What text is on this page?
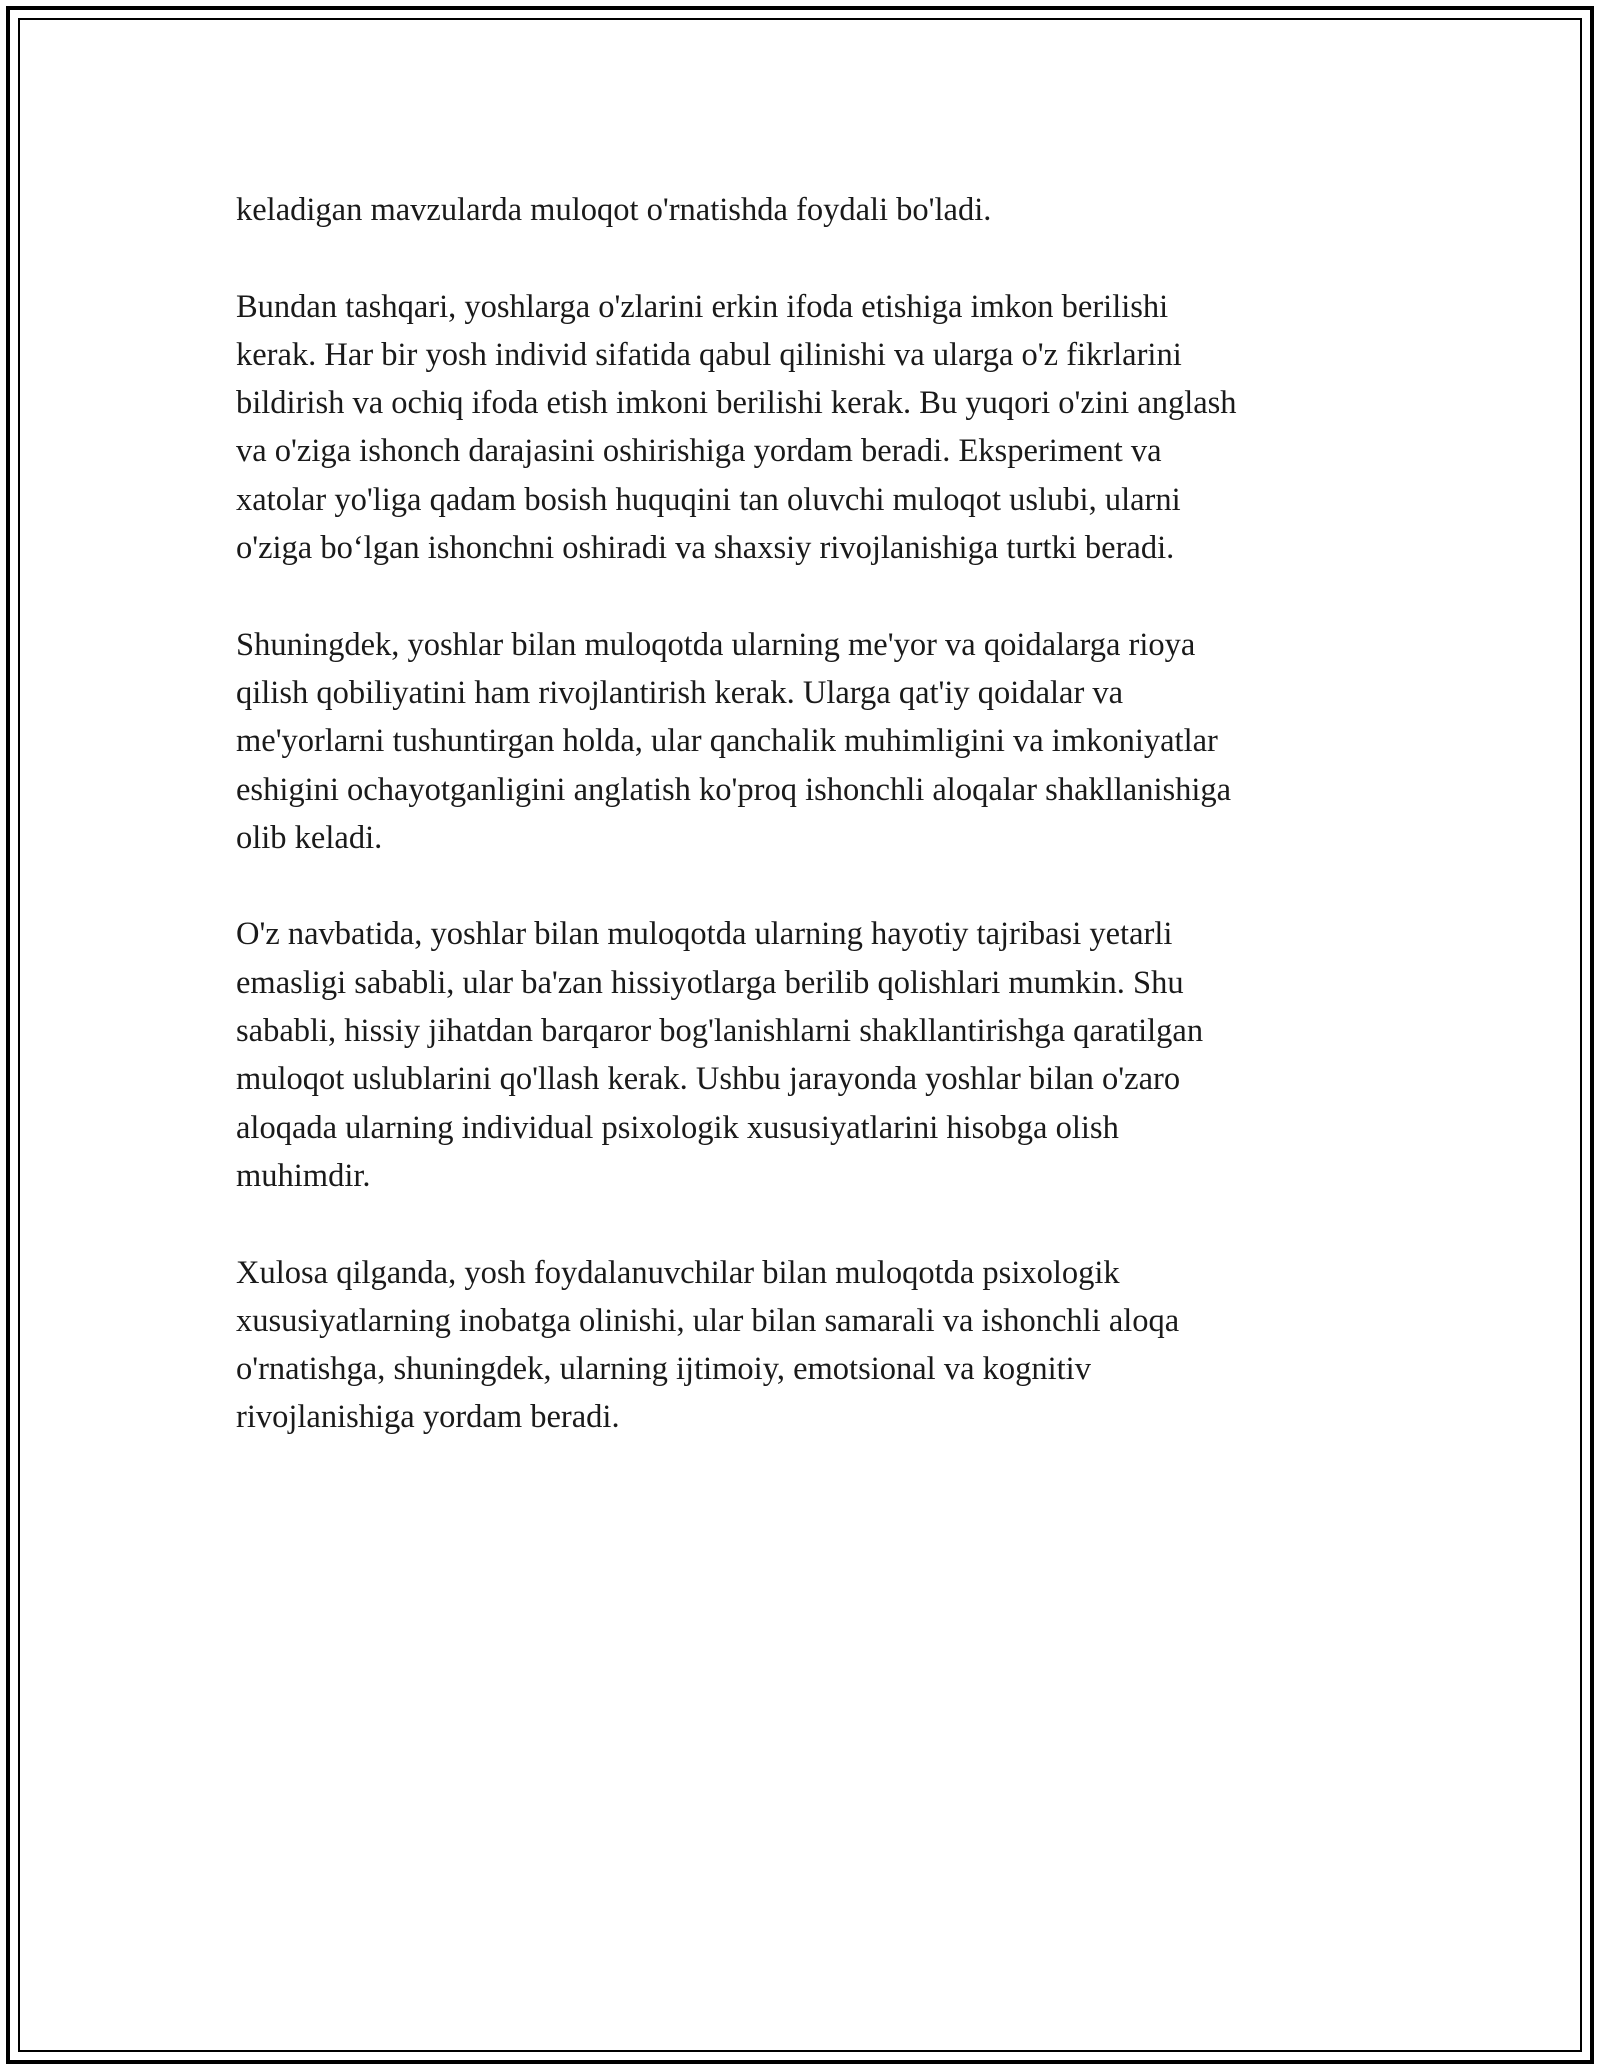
keladigan mavzularda muloqot o'rnatishda foydali bo'ladi.

Bundan tashqari, yoshlarga o'zlarini erkin ifoda etishiga imkon berilishi
kerak. Har bir yosh individ sifatida qabul qilinishi va ularga o'z fikrlarini
bildirish va ochiq ifoda etish imkoni berilishi kerak. Bu yuqori o'zini anglash
va o'ziga ishonch darajasini oshirishiga yordam beradi. Eksperiment va
xatolar yo'liga qadam bosish huquqini tan oluvchi muloqot uslubi, ularni
o'ziga bo‘lgan ishonchni oshiradi va shaxsiy rivojlanishiga turtki beradi.

Shuningdek, yoshlar bilan muloqotda ularning me'yor va qoidalarga rioya
qilish qobiliyatini ham rivojlantirish kerak. Ularga qat'iy qoidalar va
me'yorlarni tushuntirgan holda, ular qanchalik muhimligini va imkoniyatlar
eshigini ochayotganligini anglatish ko'proq ishonchli aloqalar shakllanishiga
olib keladi.

O'z navbatida, yoshlar bilan muloqotda ularning hayotiy tajribasi yetarli
emasligi sababli, ular ba'zan hissiyotlarga berilib qolishlari mumkin. Shu
sababli, hissiy jihatdan barqaror bog'lanishlarni shakllantirishga qaratilgan
muloqot uslublarini qo'llash kerak. Ushbu jarayonda yoshlar bilan o'zaro
aloqada ularning individual psixologik xususiyatlarini hisobga olish
muhimdir.

Xulosa qilganda, yosh foydalanuvchilar bilan muloqotda psixologik
xususiyatlarning inobatga olinishi, ular bilan samarali va ishonchli aloqa
o'rnatishga, shuningdek, ularning ijtimoiy, emotsional va kognitiv
rivojlanishiga yordam beradi.
